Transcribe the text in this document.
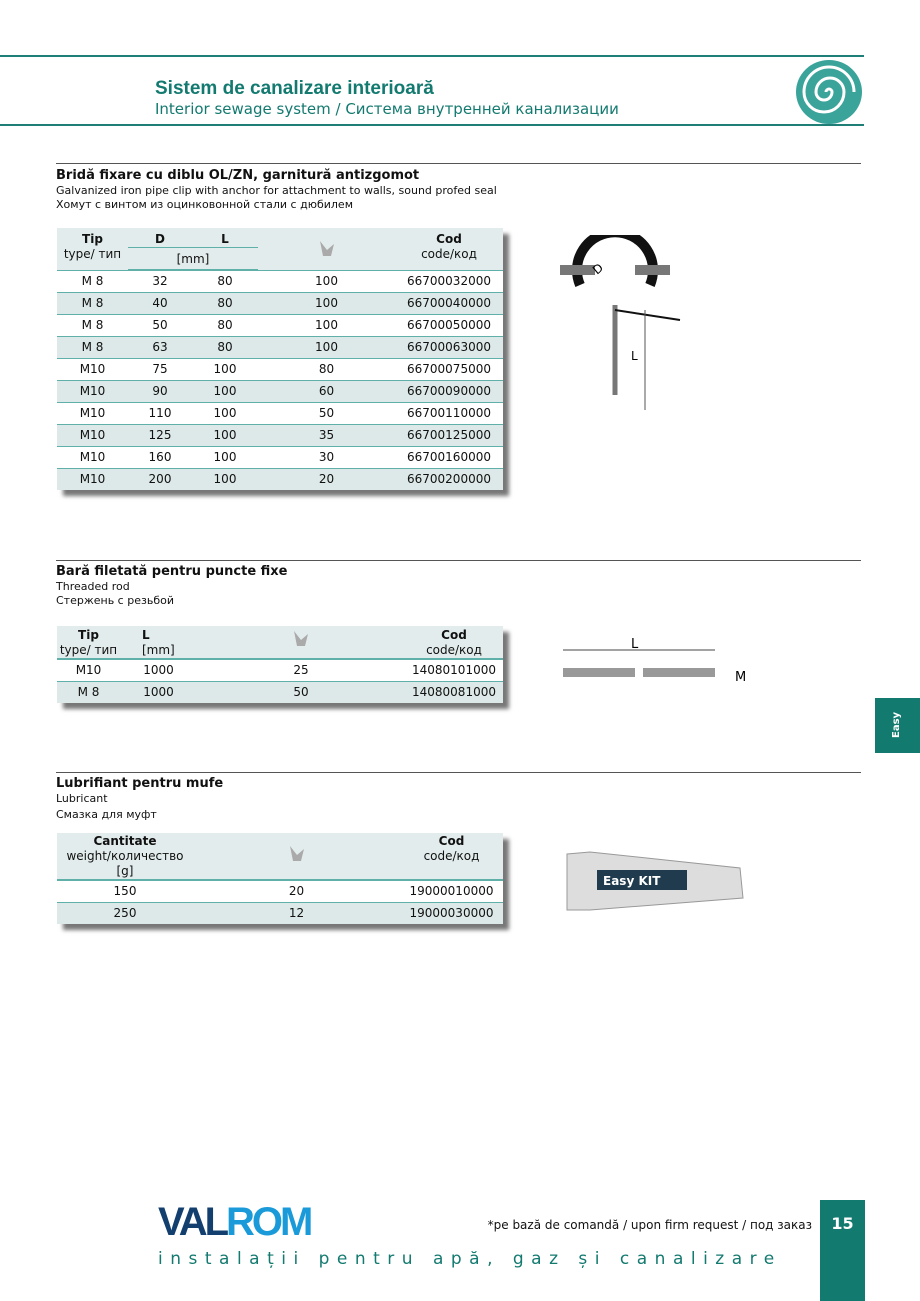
Sistem de canalizare interioară
Interior sewage system / Система внутренней канализации
Bridă fixare cu diblu OL/ZN, garnitură antizgomot
Galvanized iron pipe clip with anchor for attachment to walls, sound profed seal
Хомут с винтом из оцинковонной стали с дюбилем
Tip
type/ тип	D	L		Cod
code/код
	[mm]			
M 8	32	80	100	66700032000
M 8	40	80	100	66700040000
M 8	50	80	100	66700050000
M 8	63	80	100	66700063000
M10	75	100	80	66700075000
M10	90	100	60	66700090000
M10	110	100	50	66700110000
M10	125	100	35	66700125000
M10	160	100	30	66700160000
M10	200	100	20	66700200000
D
L
Bară filetată pentru puncte fixe
Threaded rod
Стержень с резьбой
Tip
type/ тип	L
[mm]		Cod
code/код
M10	1000	25	14080101000
M 8	1000	50	14080081000
L
M
Easy
Lubrifiant pentru mufe
Lubricant
Смазка для муфт
Cantitate
weight/количество
[g]		Cod
code/код
150	20	19000010000
250	12	19000030000
Easy KIT
VALROM	*pe bază de comandă / upon firm request / под заказ
instalații pentru apă, gaz și canalizare
15
